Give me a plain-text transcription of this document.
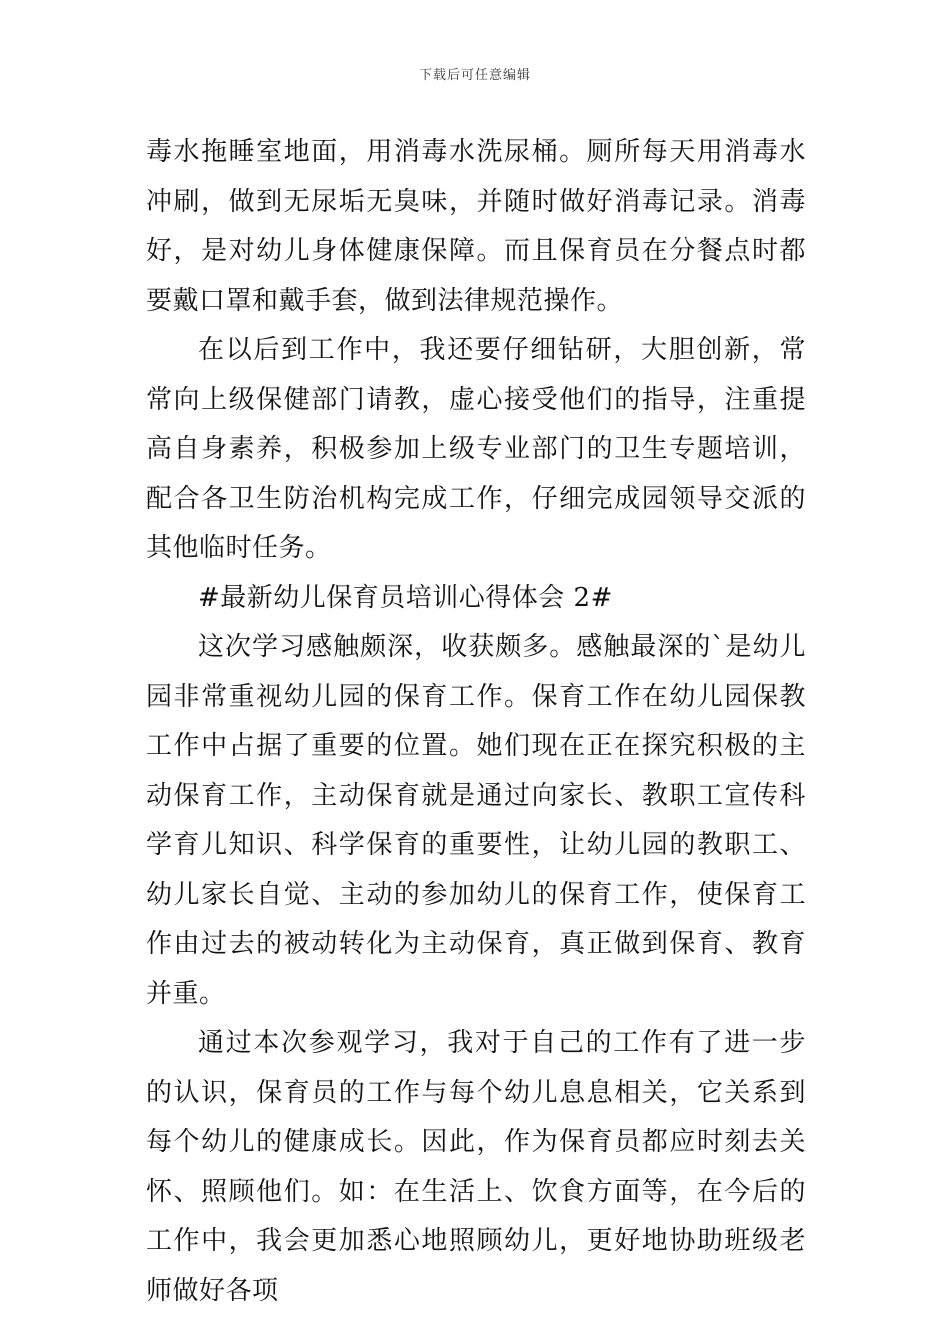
下载后可任意编辑

毒水拖睡室地面，用消毒水洗尿桶。厕所每天用消毒水冲刷，做到无尿垢无臭味，并随时做好消毒记录。消毒好，是对幼儿身体健康保障。而且保育员在分餐点时都要戴口罩和戴手套，做到法律规范操作。

在以后到工作中，我还要仔细钻研，大胆创新，常常向上级保健部门请教，虚心接受他们的指导，注重提高自身素养，积极参加上级专业部门的卫生专题培训，配合各卫生防治机构完成工作，仔细完成园领导交派的其他临时任务。

#最新幼儿保育员培训心得体会 2#

这次学习感触颇深，收获颇多。感触最深的`是幼儿园非常重视幼儿园的保育工作。保育工作在幼儿园保教工作中占据了重要的位置。她们现在正在探究积极的主动保育工作，主动保育就是通过向家长、教职工宣传科学育儿知识、科学保育的重要性，让幼儿园的教职工、幼儿家长自觉、主动的参加幼儿的保育工作，使保育工作由过去的被动转化为主动保育，真正做到保育、教育并重。

通过本次参观学习，我对于自己的工作有了进一步的认识，保育员的工作与每个幼儿息息相关，它关系到每个幼儿的健康成长。因此，作为保育员都应时刻去关怀、照顾他们。如：在生活上、饮食方面等，在今后的工作中，我会更加悉心地照顾幼儿，更好地协助班级老师做好各项
